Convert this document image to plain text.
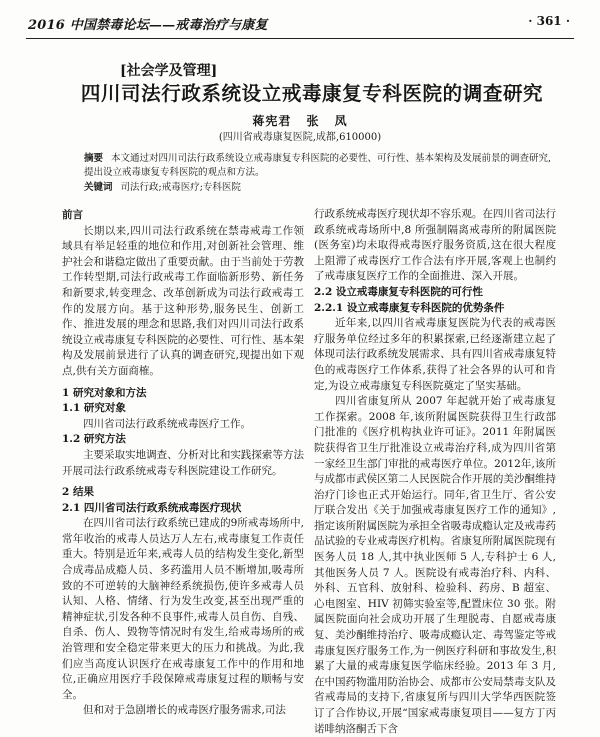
2016 中国禁毒论坛——戒毒治疗与康复	· 361 ·
[社会学及管理]
四川司法行政系统设立戒毒康复专科医院的调查研究
蒋宪君 张 凤
(四川省戒毒康复医院,成都,610000)
摘要 本文通过对四川司法行政系统设立戒毒康复专科医院的必要性、可行性、基本架构及发展前景的调查研究,提出设立戒毒康复专科医院的观点和方法。
关键词 司法行政;戒毒医疗;专科医院
前言

长期以来,四川司法行政系统在禁毒戒毒工作领域具有举足轻重的地位和作用,对创新社会管理、维护社会和谐稳定做出了重要贡献。由于当前处于劳教工作转型期,司法行政戒毒工作面临新形势、新任务和新要求,转变理念、改革创新成为司法行政戒毒工作的发展方向。基于这种形势,服务民生、创新工作、推进发展的理念和思路,我们对四川司法行政系统设立戒毒康复专科医院的必要性、可行性、基本架构及发展前景进行了认真的调查研究,现提出如下观点,供有关方面商榷。

1 研究对象和方法
1.1 研究对象

四川省司法行政系统戒毒医疗工作。

1.2 研究方法

主要采取实地调查、分析对比和实践探索等方法开展司法行政系统戒毒专科医院建设工作研究。

2 结果
2.1 四川省司法行政系统戒毒医疗现状

在四川省司法行政系统已建成的9所戒毒场所中,常年收治的戒毒人员达万人左右,戒毒康复工作责任重大。特别是近年来,戒毒人员的结构发生变化,新型合成毒品成瘾人员、多药滥用人员不断增加,吸毒所致的不可逆转的大脑神经系统损伤,使许多戒毒人员认知、人格、情绪、行为发生改变,甚至出现严重的精神症状,引发各种不良事件,戒毒人员自伤、自残、自杀、伤人、毁物等情况时有发生,给戒毒场所的戒治管理和安全稳定带来更大的压力和挑战。为此,我们应当高度认识医疗在戒毒康复工作中的作用和地位,正确应用医疗手段保障戒毒康复过程的顺畅与安全。

但和对于急剧增长的戒毒医疗服务需求,司法

行政系统戒毒医疗现状却不容乐观。在四川省司法行政系统戒毒场所中,8 所强制隔离戒毒所的附属医院(医务室)均未取得戒毒医疗服务资质,这在很大程度上阻滞了戒毒医疗工作合法有序开展,客观上也制约了戒毒康复医疗工作的全面推进、深入开展。

2.2 设立戒毒康复专科医院的可行性
2.2.1 设立戒毒康复专科医院的优势条件

近年来,以四川省戒毒康复医院为代表的戒毒医疗服务单位经过多年的积累探索,已经逐渐建立起了体现司法行政系统发展需求、具有四川省戒毒康复特色的戒毒医疗工作体系,获得了社会各界的认可和肯定,为设立戒毒康复专科医院奠定了坚实基础。

四川省康复所从 2007 年起就开始了戒毒康复工作探索。2008 年,该所附属医院获得卫生行政部门批准的《医疗机构执业许可证》。2011 年附属医院获得省卫生厅批准设立戒毒治疗科,成为四川省第一家经卫生部门审批的戒毒医疗单位。2012年,该所与成都市武侯区第二人民医院合作开展的美沙酮维持治疗门诊也正式开始运行。同年,省卫生厅、省公安厅联合发出《关于加强戒毒康复医疗工作的通知》,指定该所附属医院为承担全省吸毒成瘾认定及戒毒药品试验的专业戒毒医疗机构。省康复所附属医院现有医务人员 18 人,其中执业医师 5 人,专科护士 6 人,其他医务人员 7 人。医院设有戒毒治疗科、内科、外科、五官科、放射科、检验科、药房、B 超室、心电图室、HIV 初筛实验室等,配置床位 30 张。附属医院面向社会成功开展了生理脱毒、自愿戒毒康复、美沙酮维持治疗、吸毒成瘾认定、毒驾鉴定等戒毒康复医疗服务工作,为一例医疗科研和事故发生,积累了大量的戒毒康复医学临床经验。2013 年 3 月,在中国药物滥用防治协会、成都市公安局禁毒支队及省戒毒局的支持下,省康复所与四川大学华西医院签订了合作协议,开展“国家戒毒康复项目——复方丁丙诺啡纳洛酮舌下含
